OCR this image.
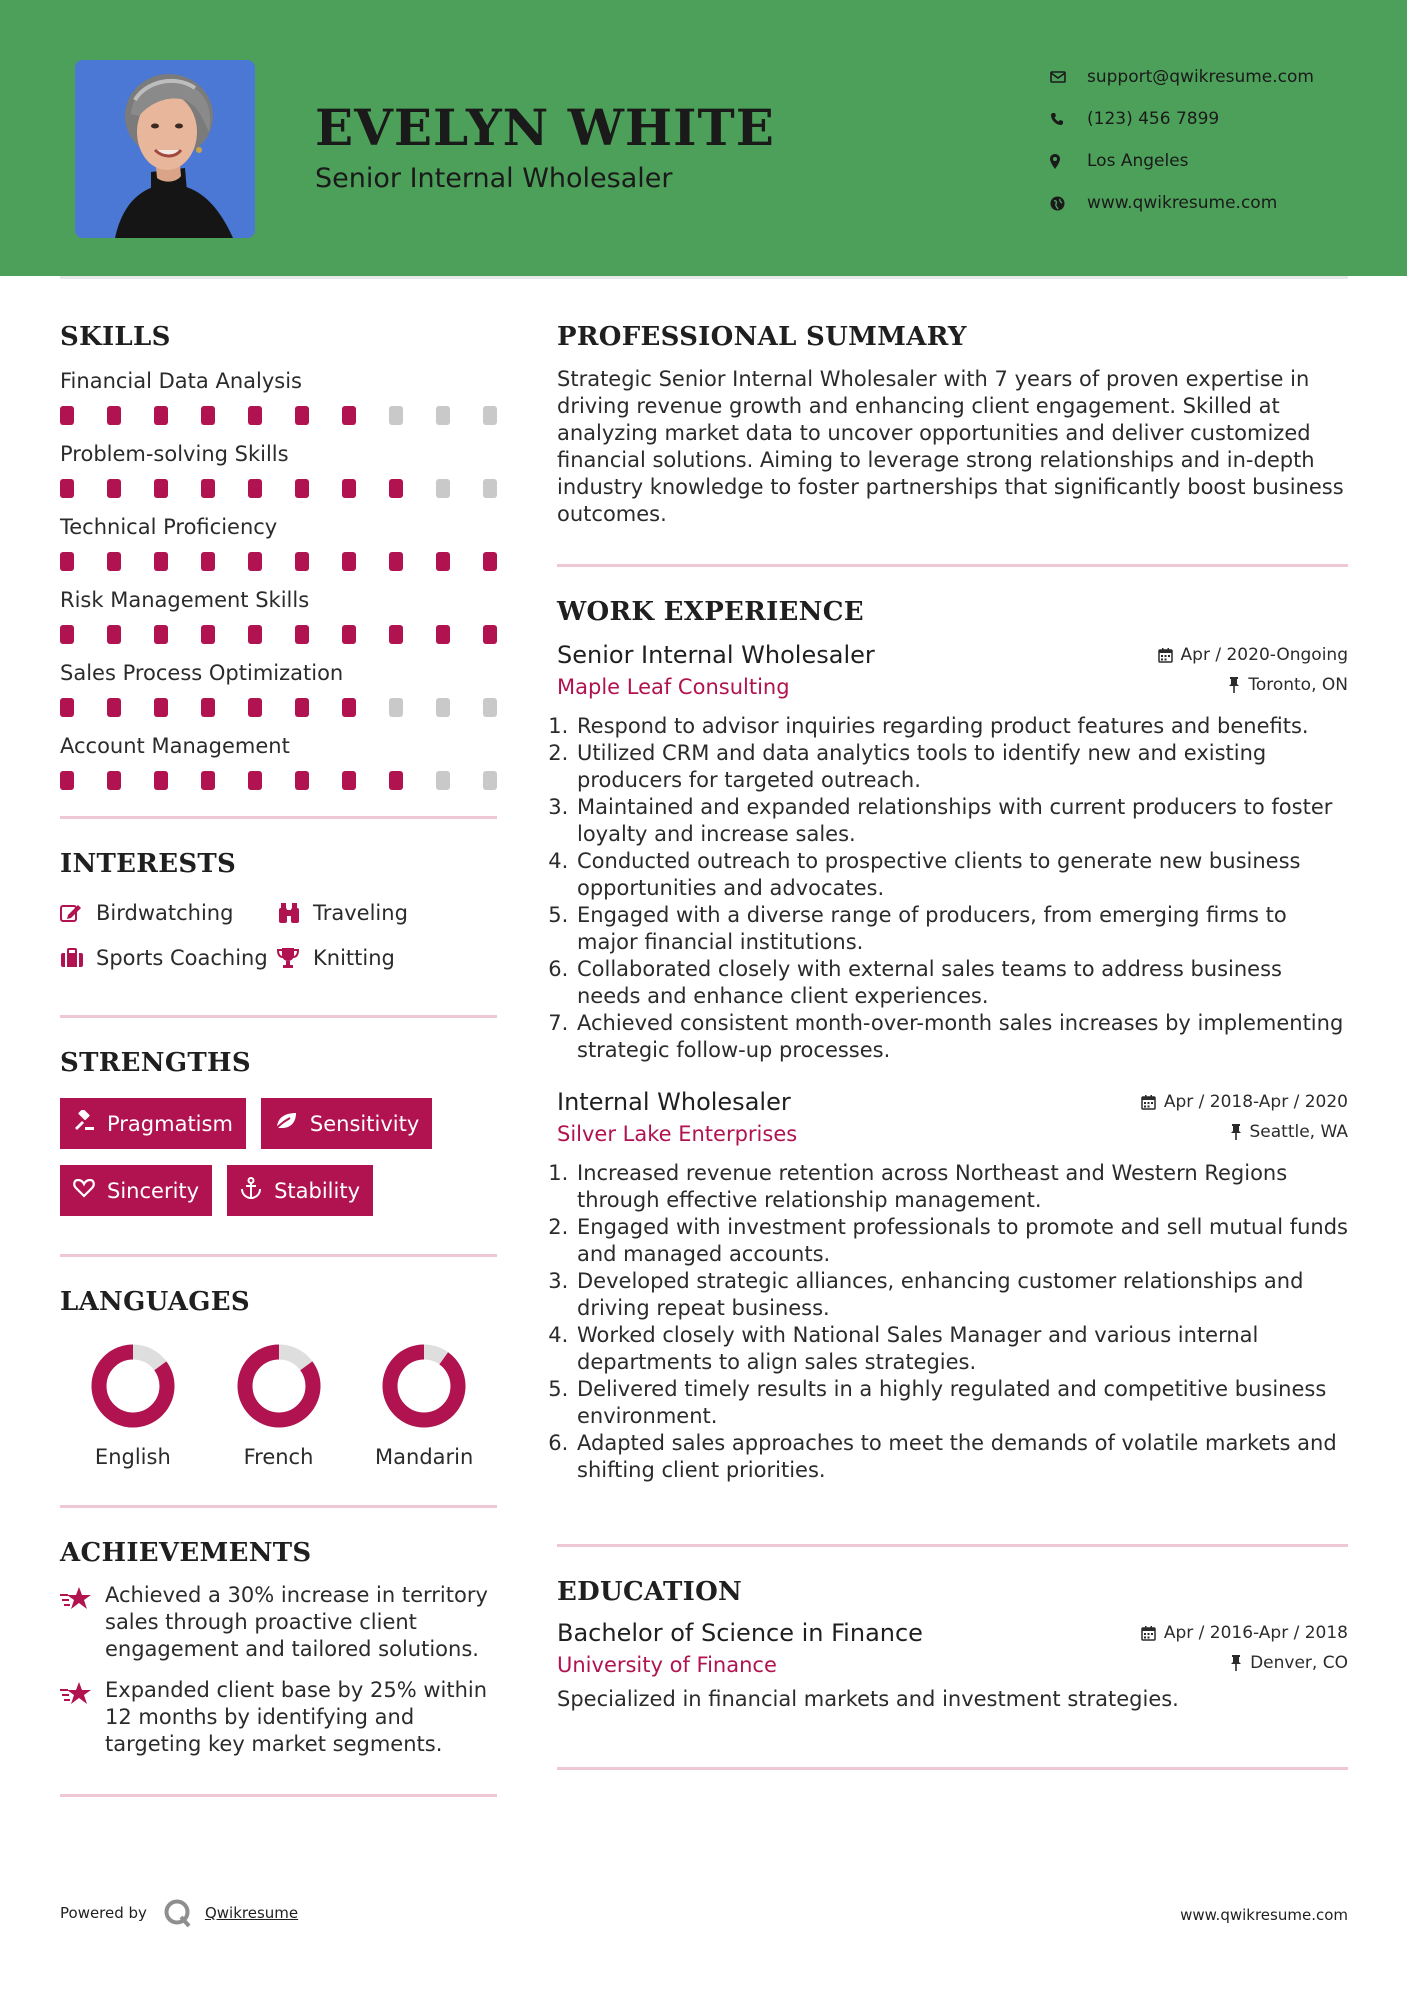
EVELYN WHITE
Senior Internal Wholesaler
support@qwikresume.com
(123) 456 7899
Los Angeles
www.qwikresume.com
SKILLS
Financial Data Analysis
Problem-solving Skills
Technical Proficiency
Risk Management Skills
Sales Process Optimization
Account Management
INTERESTS
Birdwatching	Traveling
Sports Coaching Knitting
STRENGTHS
Pragmatism	Sensitivity
Sincerity	Stability
LANGUAGES
English	French	Mandarin
ACHIEVEMENTS
Achieved a 30% increase in territory sales through proactive client engagement and tailored solutions.
Expanded client base by 25% within 12 months by identifying and targeting key market segments.
PROFESSIONAL SUMMARY
Strategic Senior Internal Wholesaler with 7 years of proven expertise in driving revenue growth and enhancing client engagement. Skilled at analyzing market data to uncover opportunities and deliver customized financial solutions. Aiming to leverage strong relationships and in-depth industry knowledge to foster partnerships that significantly boost business outcomes.
WORK EXPERIENCE
Senior Internal Wholesaler	Apr / 2020-Ongoing
Maple Leaf Consulting	Toronto, ON
1. Respond to advisor inquiries regarding product features and benefits.
2. Utilized CRM and data analytics tools to identify new and existing producers for targeted outreach.
3. Maintained and expanded relationships with current producers to foster loyalty and increase sales.
4. Conducted outreach to prospective clients to generate new business opportunities and advocates.
5. Engaged with a diverse range of producers, from emerging firms to major financial institutions.
6. Collaborated closely with external sales teams to address business needs and enhance client experiences.
7. Achieved consistent month-over-month sales increases by implementing strategic follow-up processes.
Internal Wholesaler	Apr / 2018-Apr / 2020
Silver Lake Enterprises	Seattle, WA
1. Increased revenue retention across Northeast and Western Regions through effective relationship management.
2. Engaged with investment professionals to promote and sell mutual funds and managed accounts.
3. Developed strategic alliances, enhancing customer relationships and driving repeat business.
4. Worked closely with National Sales Manager and various internal departments to align sales strategies.
5. Delivered timely results in a highly regulated and competitive business environment.
6. Adapted sales approaches to meet the demands of volatile markets and shifting client priorities.
EDUCATION
Bachelor of Science in Finance	Apr / 2016-Apr / 2018
University of Finance	Denver, CO
Specialized in financial markets and investment strategies.
Powered by	Qwikresume	www.qwikresume.com
